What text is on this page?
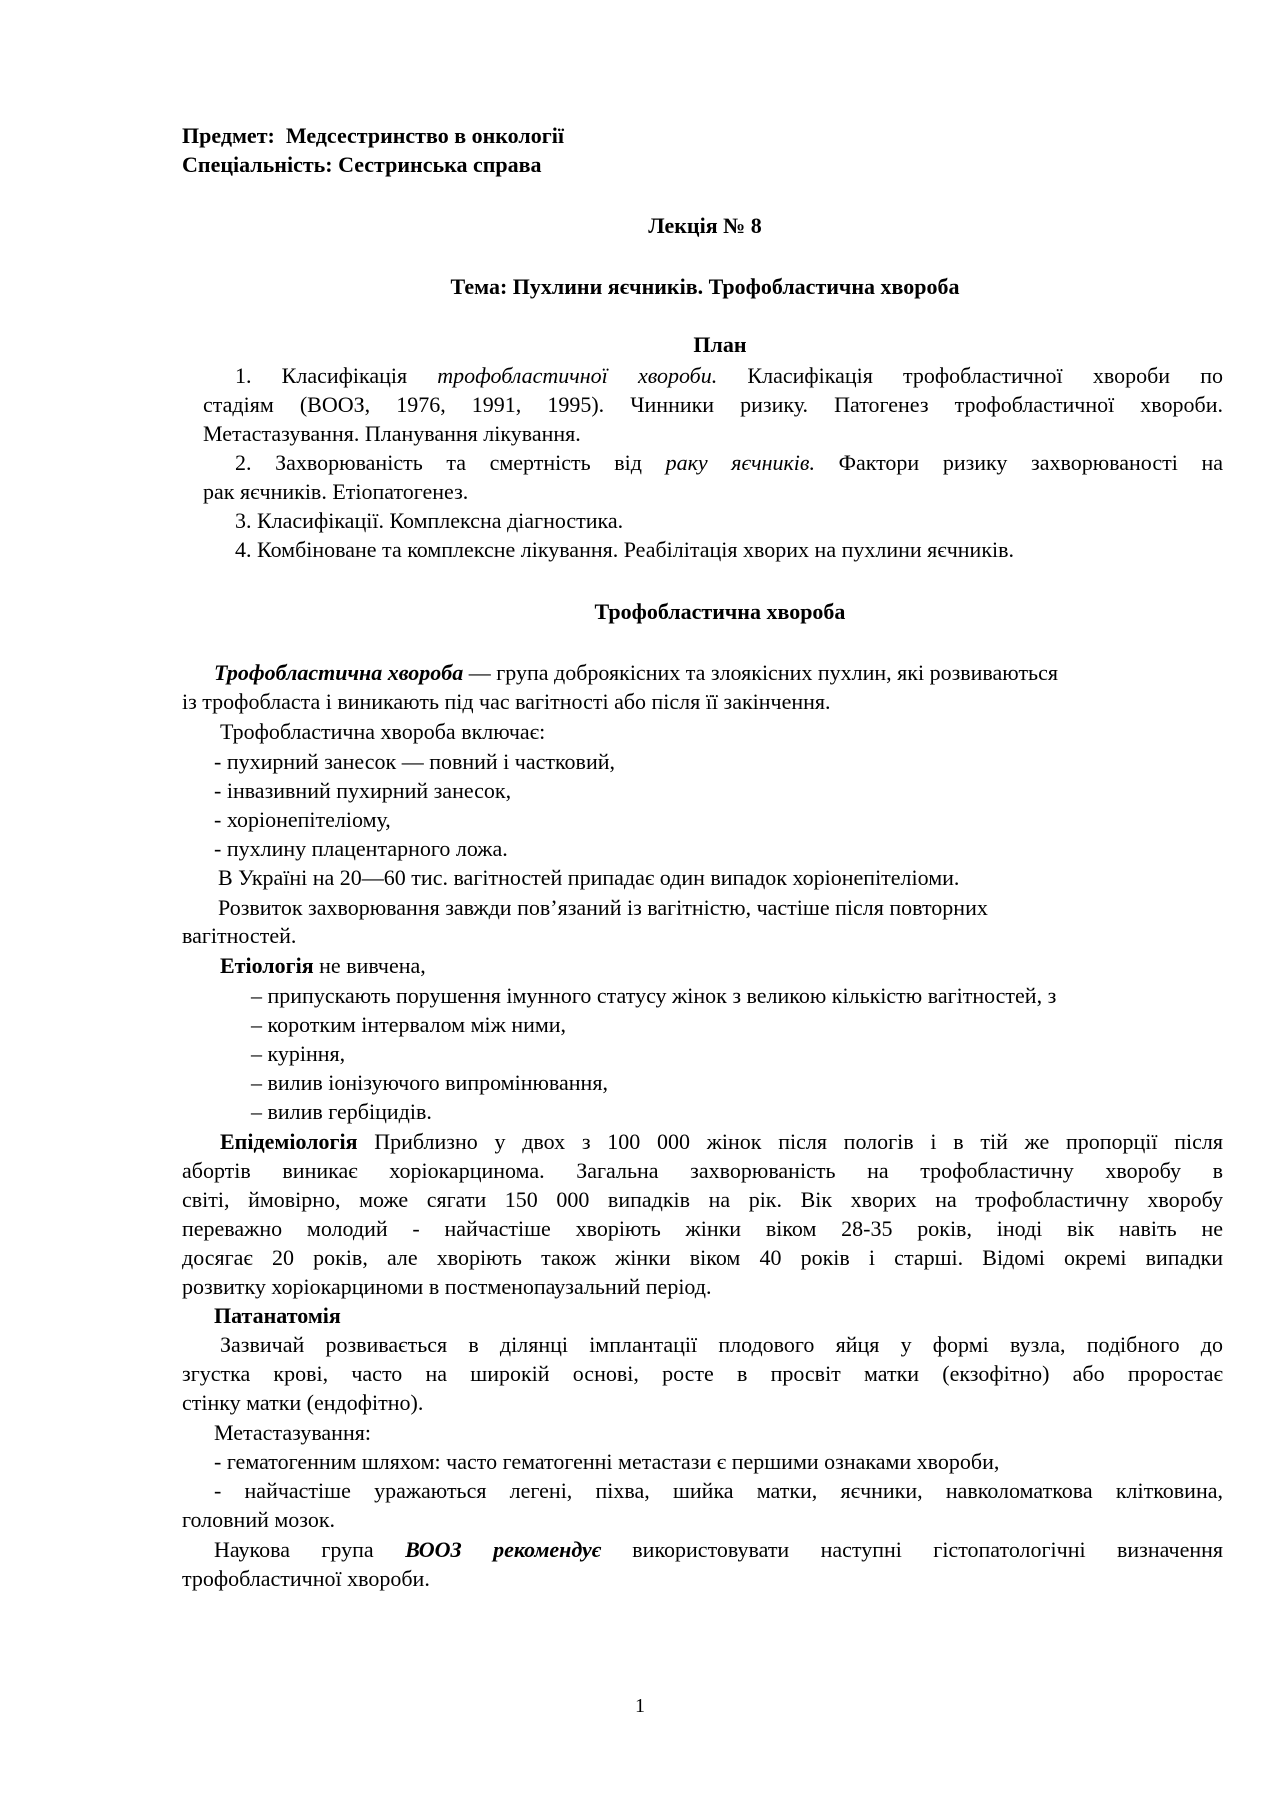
Предмет: Медсестринство в онкології
Спеціальність: Сестринська справа
Лекція № 8
Тема: Пухлини яєчників. Трофобластична хвороба
План
1. Класифікація трофобластичної хвороби. Класифікація трофобластичної хвороби по
стадіям (ВООЗ, 1976, 1991, 1995). Чинники ризику. Патогенез трофобластичної хвороби.
Метастазування. Планування лікування.
2. Захворюваність та смертність від раку яєчників. Фактори ризику захворюваності на
рак яєчників. Етіопатогенез.
3. Класифікації. Комплексна діагностика.
4. Комбіноване та комплексне лікування. Реабілітація хворих на пухлини яєчників.
Трофобластична хвороба
Трофобластична хвороба — група доброякісних та злоякісних пухлин, які розвиваються
із трофобласта і виникають під час вагітності або після її закінчення.
Трофобластична хвороба включає:
- пухирний занесок — повний і частковий,
- інвазивний пухирний занесок,
- хоріонепітеліому,
- пухлину плацентарного ложа.
В Україні на 20—60 тис. вагітностей припадає один випадок хоріонепітеліоми.
Розвиток захворювання завжди пов’язаний із вагітністю, частіше після повторних
вагітностей.
Етіологія не вивчена,
– припускають порушення імунного статусу жінок з великою кількістю вагітностей, з
– коротким інтервалом між ними,
– куріння,
– вилив іонізуючого випромінювання,
– вилив гербіцидів.
Епідеміологія Приблизно у двох з 100 000 жінок після пологів і в тій же пропорції після
абортів виникає хоріокарцинома. Загальна захворюваність на трофобластичну хворобу в
світі, ймовірно, може сягати 150 000 випадків на рік. Вік хворих на трофобластичну хворобу
переважно молодий - найчастіше хворіють жінки віком 28-35 років, іноді вік навіть не
досягає 20 років, але хворіють також жінки віком 40 років і старші. Відомі окремі випадки
розвитку хоріокарциноми в постменопаузальний період.
Патанатомія
Зазвичай розвивається в ділянці імплантації плодового яйця у формі вузла, подібного до
згустка крові, часто на широкій основі, росте в просвіт матки (екзофітно) або проростає
стінку матки (ендофітно).
Метастазування:
- гематогенним шляхом: часто гематогенні метастази є першими ознаками хвороби,
- найчастіше уражаються легені, піхва, шийка матки, яєчники, навколоматкова клітковина,
головний мозок.
Наукова група ВООЗ рекомендує використовувати наступні гістопатологічні визначення
трофобластичної хвороби.
1
